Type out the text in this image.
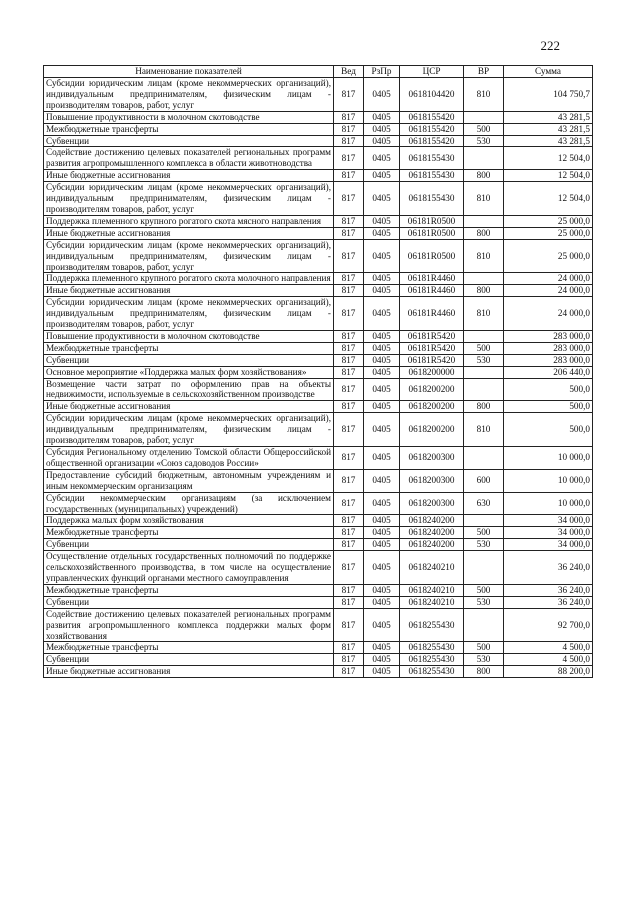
222
Наименование показателей	Вед	РзПр	ЦСР	ВР	Сумма
Субсидии юридическим лицам (кроме некоммерческих организаций), индивидуальным предпринимателям, физическим лицам - производителям товаров, работ, услуг	817	0405	0618104420	810	104 750,7
Повышение продуктивности в молочном скотоводстве	817	0405	0618155420		43 281,5
Межбюджетные трансферты	817	0405	0618155420	500	43 281,5
Субвенции	817	0405	0618155420	530	43 281,5
Содействие достижению целевых показателей региональных программ развития агропромышленного комплекса в области животноводства	817	0405	0618155430		12 504,0
Иные бюджетные ассигнования	817	0405	0618155430	800	12 504,0
Субсидии юридическим лицам (кроме некоммерческих организаций), индивидуальным предпринимателям, физическим лицам - производителям товаров, работ, услуг	817	0405	0618155430	810	12 504,0
Поддержка племенного крупного рогатого скота мясного направления	817	0405	06181R0500		25 000,0
Иные бюджетные ассигнования	817	0405	06181R0500	800	25 000,0
Субсидии юридическим лицам (кроме некоммерческих организаций), индивидуальным предпринимателям, физическим лицам - производителям товаров, работ, услуг	817	0405	06181R0500	810	25 000,0
Поддержка племенного крупного рогатого скота молочного направления	817	0405	06181R4460		24 000,0
Иные бюджетные ассигнования	817	0405	06181R4460	800	24 000,0
Субсидии юридическим лицам (кроме некоммерческих организаций), индивидуальным предпринимателям, физическим лицам - производителям товаров, работ, услуг	817	0405	06181R4460	810	24 000,0
Повышение продуктивности в молочном скотоводстве	817	0405	06181R5420		283 000,0
Межбюджетные трансферты	817	0405	06181R5420	500	283 000,0
Субвенции	817	0405	06181R5420	530	283 000,0
Основное мероприятие «Поддержка малых форм хозяйствования»	817	0405	0618200000		206 440,0
Возмещение части затрат по оформлению прав на объекты недвижимости, используемые в сельскохозяйственном производстве	817	0405	0618200200		500,0
Иные бюджетные ассигнования	817	0405	0618200200	800	500,0
Субсидии юридическим лицам (кроме некоммерческих организаций), индивидуальным предпринимателям, физическим лицам - производителям товаров, работ, услуг	817	0405	0618200200	810	500,0
Субсидия Региональному отделению Томской области Общероссийской общественной организации «Союз садоводов России»	817	0405	0618200300		10 000,0
Предоставление субсидий бюджетным, автономным учреждениям и иным некоммерческим организациям	817	0405	0618200300	600	10 000,0
Субсидии некоммерческим организациям (за исключением государственных (муниципальных) учреждений)	817	0405	0618200300	630	10 000,0
Поддержка малых форм хозяйствования	817	0405	0618240200		34 000,0
Межбюджетные трансферты	817	0405	0618240200	500	34 000,0
Субвенции	817	0405	0618240200	530	34 000,0
Осуществление отдельных государственных полномочий по поддержке сельскохозяйственного производства, в том числе на осуществление управленческих функций органами местного самоуправления	817	0405	0618240210		36 240,0
Межбюджетные трансферты	817	0405	0618240210	500	36 240,0
Субвенции	817	0405	0618240210	530	36 240,0
Содействие достижению целевых показателей региональных программ развития агропромышленного комплекса поддержки малых форм хозяйствования	817	0405	0618255430		92 700,0
Межбюджетные трансферты	817	0405	0618255430	500	4 500,0
Субвенции	817	0405	0618255430	530	4 500,0
Иные бюджетные ассигнования	817	0405	0618255430	800	88 200,0
